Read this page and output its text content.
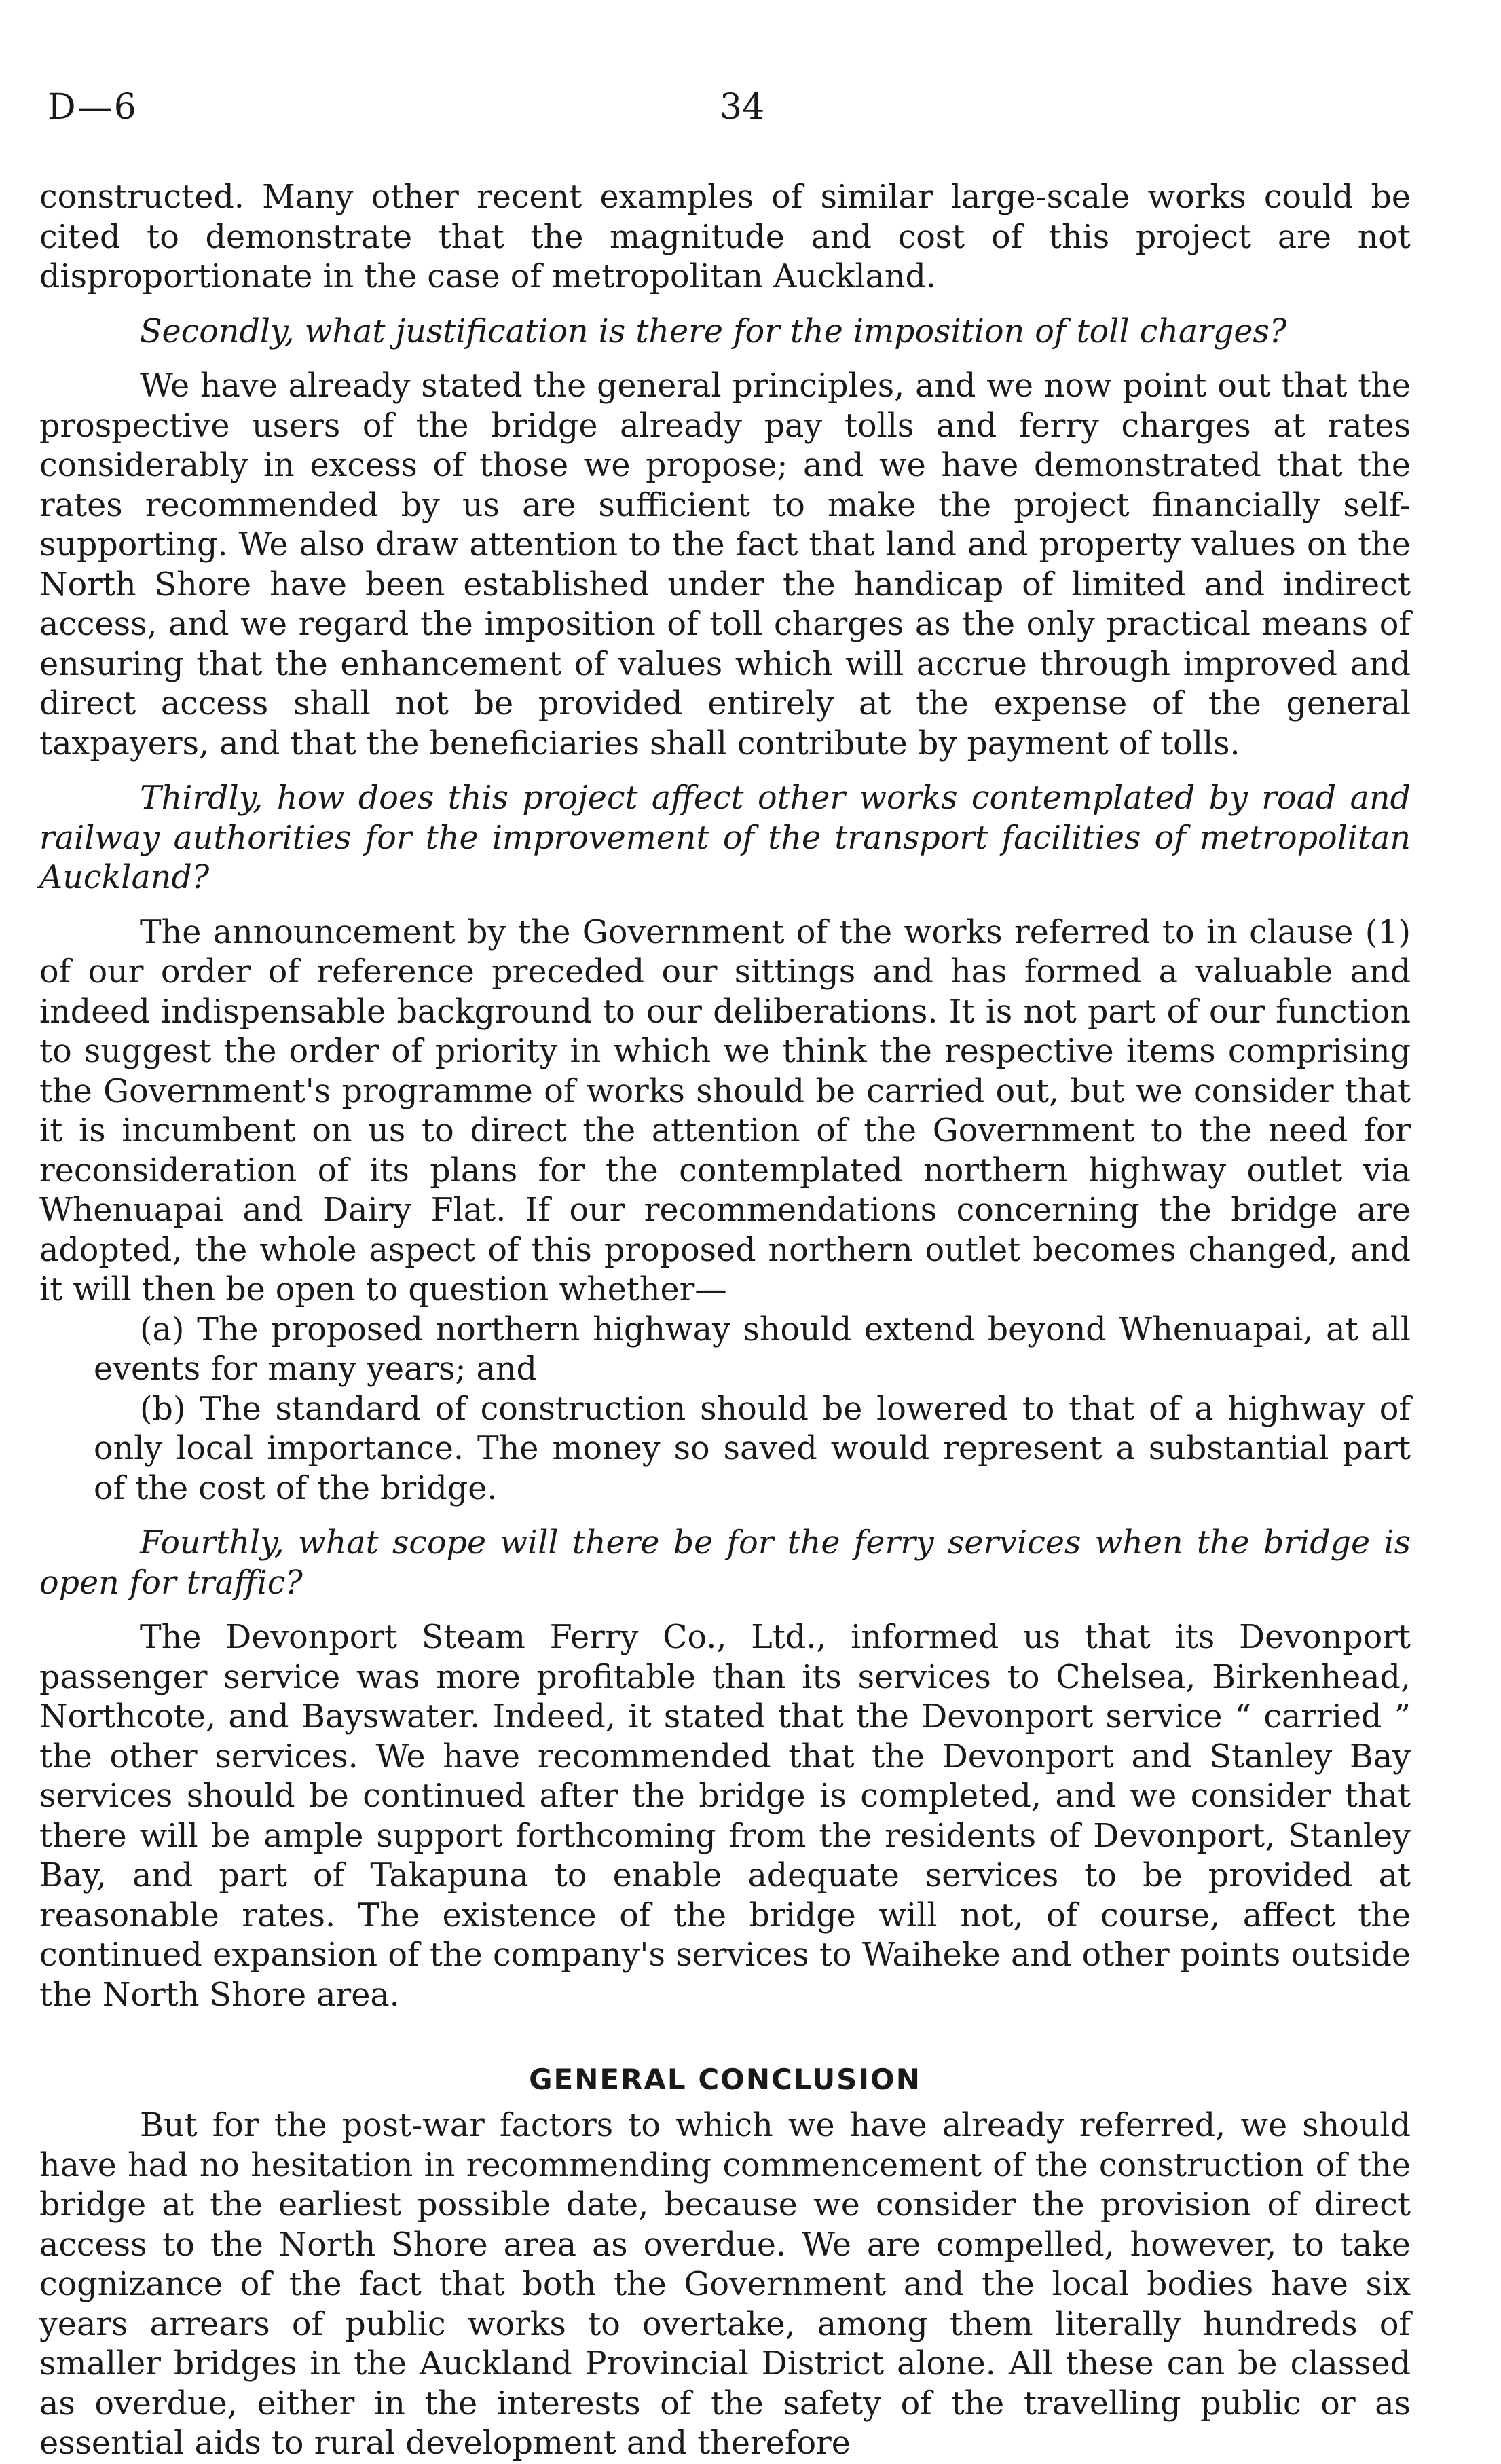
D—6	34

constructed. Many other recent examples of similar large-scale works could be cited to demonstrate that the magnitude and cost of this project are not disproportionate in the case of metropolitan Auckland.

Secondly, what justification is there for the imposition of toll charges?

We have already stated the general principles, and we now point out that the prospective users of the bridge already pay tolls and ferry charges at rates considerably in excess of those we propose; and we have demonstrated that the rates recommended by us are sufficient to make the project financially self-supporting. We also draw attention to the fact that land and property values on the North Shore have been established under the handicap of limited and indirect access, and we regard the imposition of toll charges as the only practical means of ensuring that the enhancement of values which will accrue through improved and direct access shall not be provided entirely at the expense of the general taxpayers, and that the beneficiaries shall contribute by payment of tolls.

Thirdly, how does this project affect other works contemplated by road and railway authorities for the improvement of the transport facilities of metropolitan Auckland?

The announcement by the Government of the works referred to in clause (1) of our order of reference preceded our sittings and has formed a valuable and indeed indispensable background to our deliberations. It is not part of our function to suggest the order of priority in which we think the respective items comprising the Government's programme of works should be carried out, but we consider that it is incumbent on us to direct the attention of the Government to the need for reconsideration of its plans for the contemplated northern highway outlet via Whenuapai and Dairy Flat. If our recommendations concerning the bridge are adopted, the whole aspect of this proposed northern outlet becomes changed, and it will then be open to question whether—

(a) The proposed northern highway should extend beyond Whenuapai, at all events for many years; and

(b) The standard of construction should be lowered to that of a highway of only local importance. The money so saved would represent a substantial part of the cost of the bridge.

Fourthly, what scope will there be for the ferry services when the bridge is open for traffic?

The Devonport Steam Ferry Co., Ltd., informed us that its Devonport passenger service was more profitable than its services to Chelsea, Birkenhead, Northcote, and Bayswater. Indeed, it stated that the Devonport service “ carried ” the other services. We have recommended that the Devonport and Stanley Bay services should be continued after the bridge is completed, and we consider that there will be ample support forthcoming from the residents of Devonport, Stanley Bay, and part of Takapuna to enable adequate services to be provided at reasonable rates. The existence of the bridge will not, of course, affect the continued expansion of the company's services to Waiheke and other points outside the North Shore area.

GENERAL CONCLUSION

But for the post-war factors to which we have already referred, we should have had no hesitation in recommending commencement of the construction of the bridge at the earliest possible date, because we consider the provision of direct access to the North Shore area as overdue. We are compelled, however, to take cognizance of the fact that both the Government and the local bodies have six years arrears of public works to overtake, among them literally hundreds of smaller bridges in the Auckland Provincial District alone. All these can be classed as overdue, either in the interests of the safety of the travelling public or as essential aids to rural development and therefore
